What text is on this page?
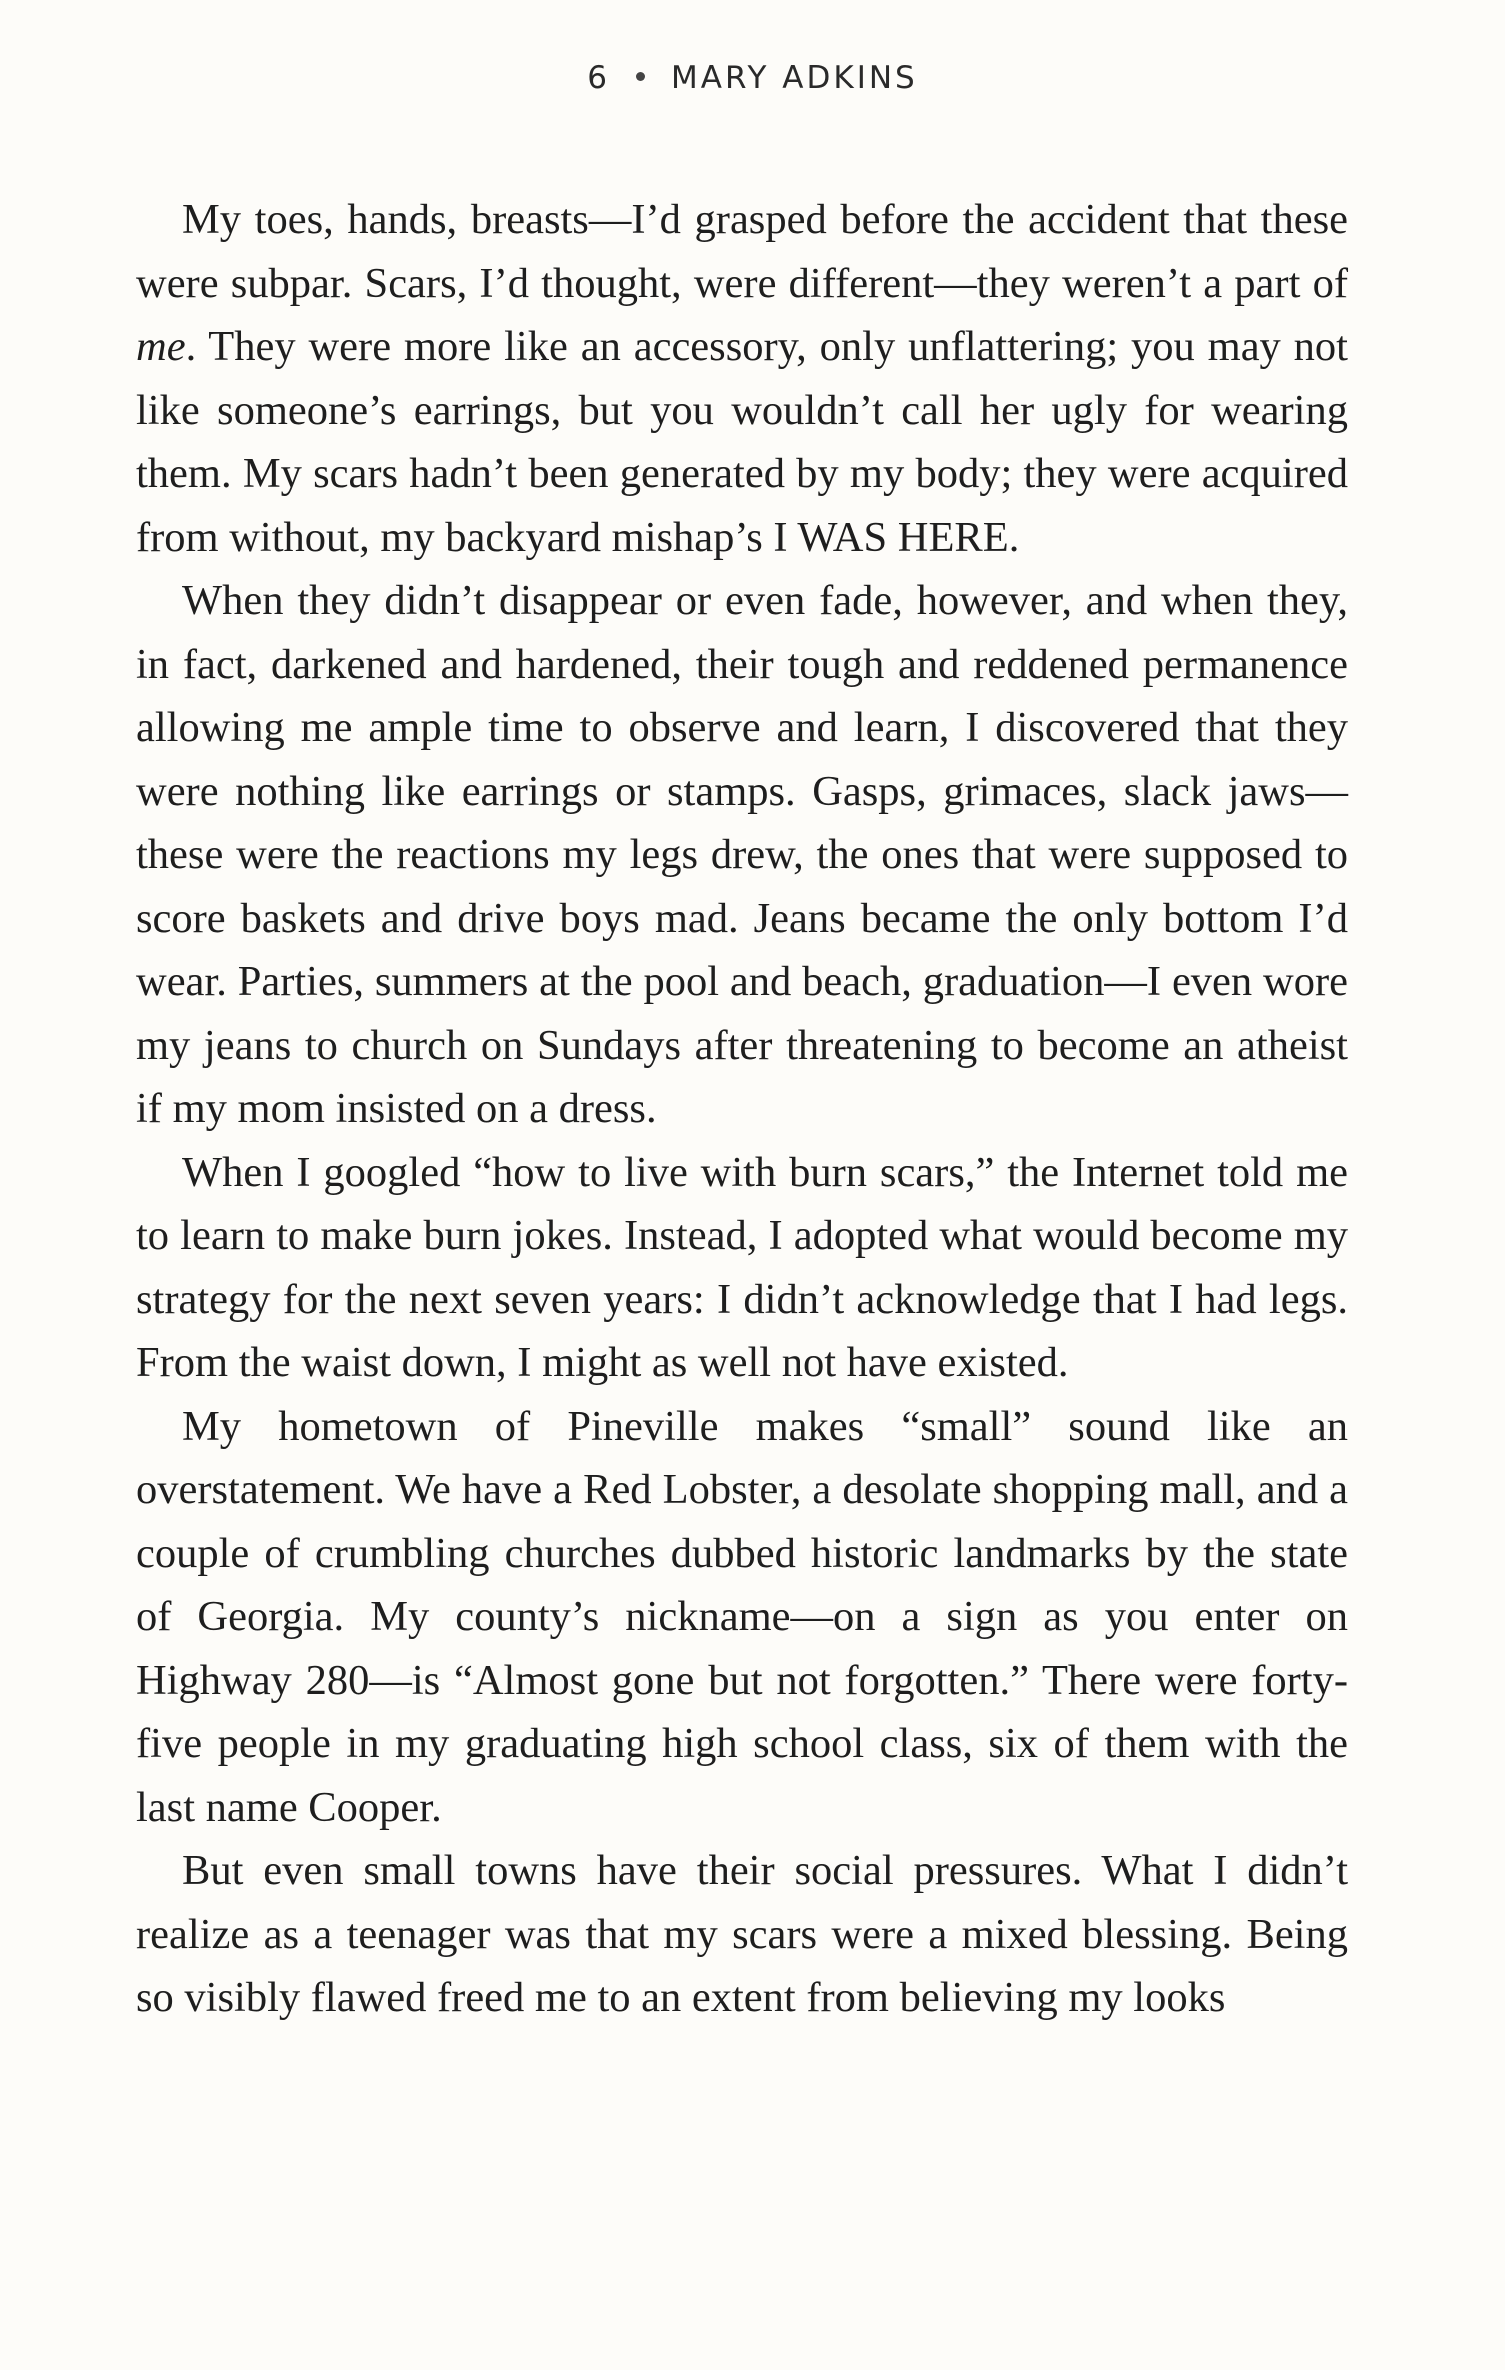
6 MARY ADKINS

My toes, hands, breasts—I’d grasped before the accident that these were subpar. Scars, I’d thought, were different—they weren’t a part of me. They were more like an accessory, only unflattering; you may not like someone’s earrings, but you wouldn’t call her ugly for wearing them. My scars hadn’t been generated by my body; they were acquired from without, my backyard mishap’s I WAS HERE.

When they didn’t disappear or even fade, however, and when they, in fact, darkened and hardened, their tough and reddened permanence allowing me ample time to observe and learn, I discovered that they were nothing like earrings or stamps. Gasps, grimaces, slack jaws—these were the reactions my legs drew, the ones that were supposed to score baskets and drive boys mad. Jeans became the only bottom I’d wear. Parties, summers at the pool and beach, graduation—I even wore my jeans to church on Sundays after threatening to become an atheist if my mom insisted on a dress.

When I googled “how to live with burn scars,” the Internet told me to learn to make burn jokes. Instead, I adopted what would become my strategy for the next seven years: I didn’t acknowledge that I had legs. From the waist down, I might as well not have existed.

My hometown of Pineville makes “small” sound like an overstatement. We have a Red Lobster, a desolate shopping mall, and a couple of crumbling churches dubbed historic landmarks by the state of Georgia. My county’s nickname—on a sign as you enter on Highway 280—is “Almost gone but not forgotten.” There were forty-five people in my graduating high school class, six of them with the last name Cooper.

But even small towns have their social pressures. What I didn’t realize as a teenager was that my scars were a mixed blessing. Being so visibly flawed freed me to an extent from believing my looks
